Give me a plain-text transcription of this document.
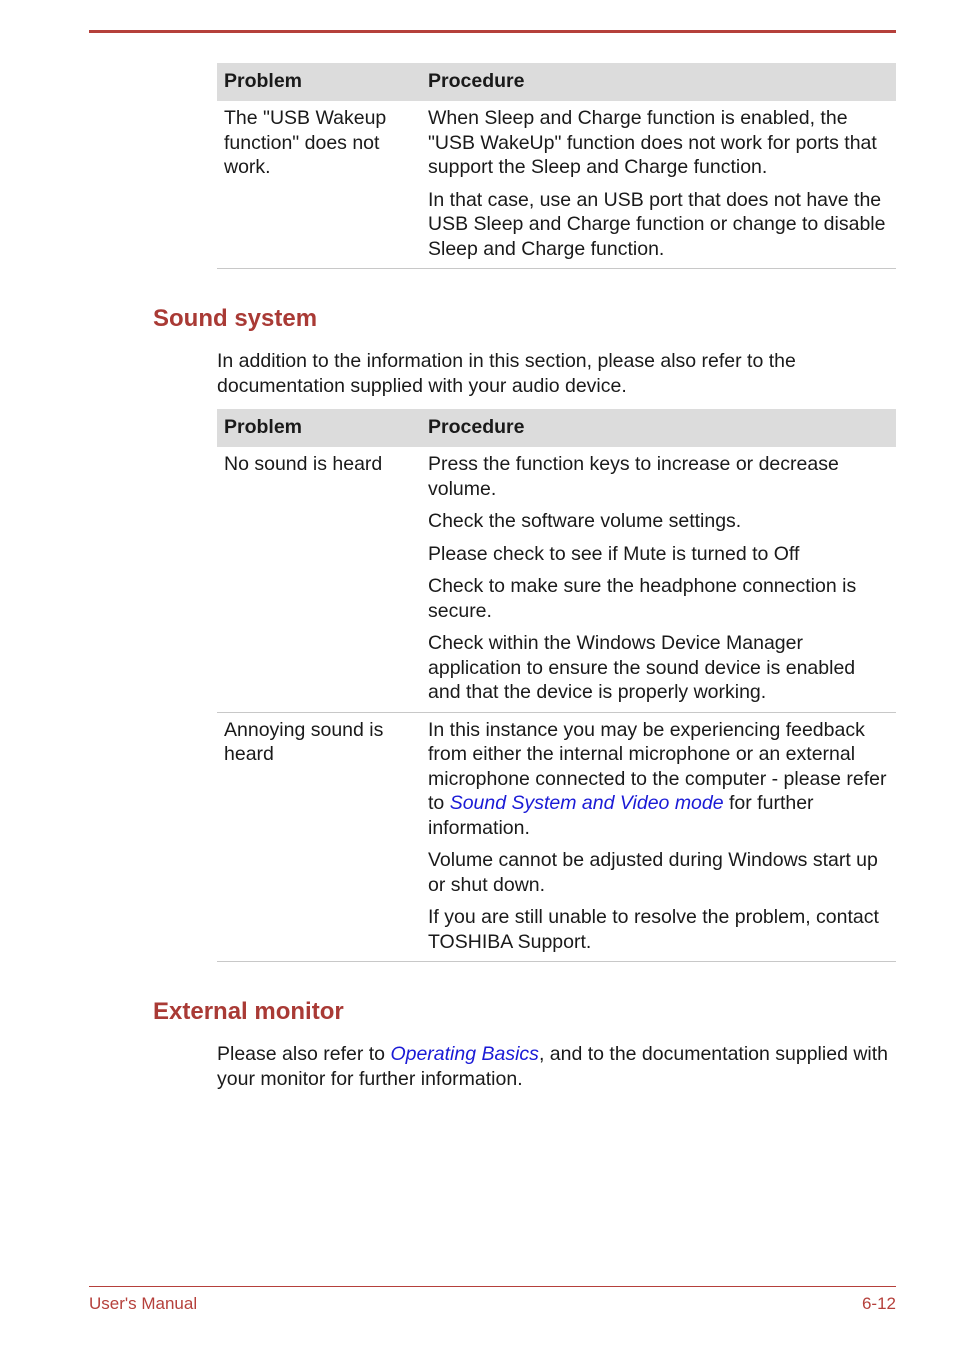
Problem	Procedure

The "USB Wakeup function" does not work.	When Sleep and Charge function is enabled, the "USB WakeUp" function does not work for ports that support the Sleep and Charge function.

In that case, use an USB port that does not have the USB Sleep and Charge function or change to disable Sleep and Charge function.

Sound system

In addition to the information in this section, please also refer to the documentation supplied with your audio device.

Problem	Procedure

No sound is heard	Press the function keys to increase or decrease volume.

Check the software volume settings.

Please check to see if Mute is turned to Off

Check to make sure the headphone connection is secure.

Check within the Windows Device Manager application to ensure the sound device is enabled and that the device is properly working.

Annoying sound is heard	In this instance you may be experiencing feedback from either the internal microphone or an external microphone connected to the computer - please refer to Sound System and Video mode for further information.

Volume cannot be adjusted during Windows start up or shut down.

If you are still unable to resolve the problem, contact TOSHIBA Support.

External monitor

Please also refer to Operating Basics, and to the documentation supplied with your monitor for further information.

User's Manual	6-12
